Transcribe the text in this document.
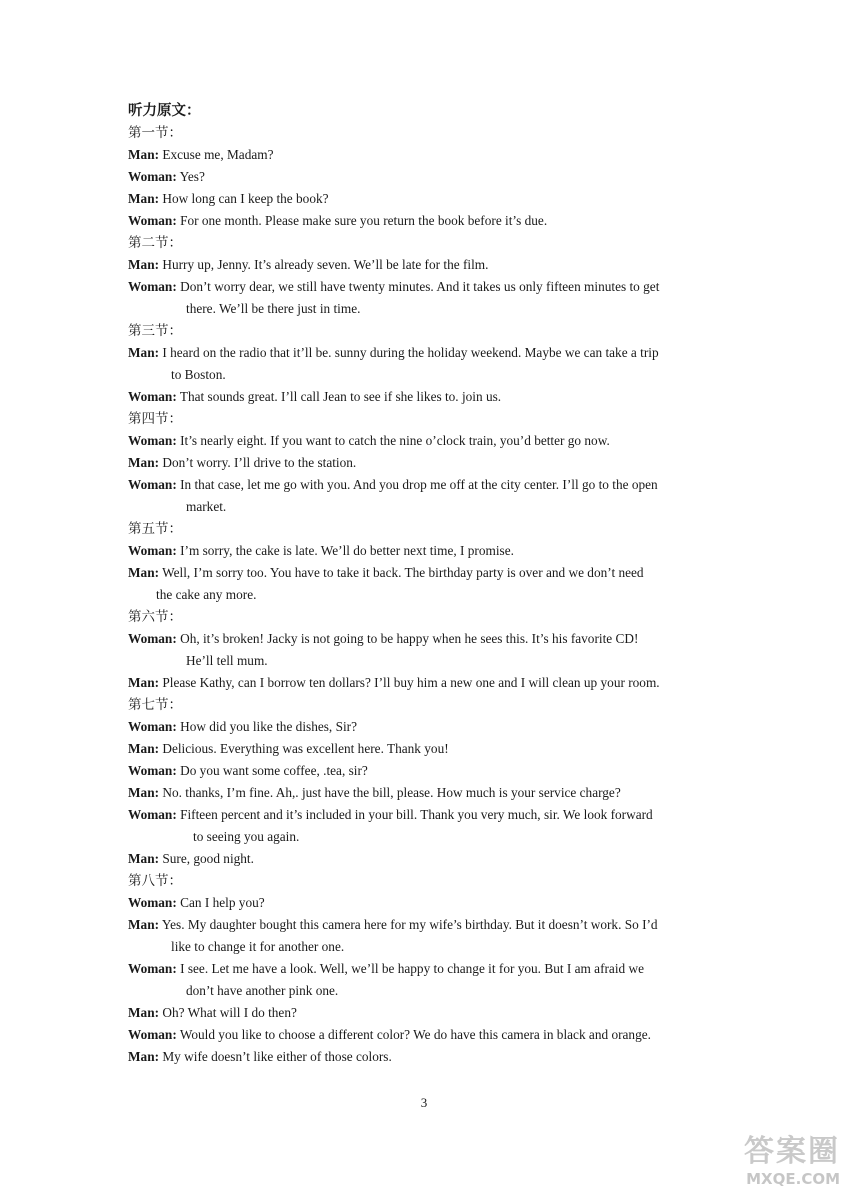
听力原文：
第一节：
Man: Excuse me, Madam?
Woman: Yes?
Man: How long can I keep the book?
Woman: For one month. Please make sure you return the book before it’s due.
第二节：
Man: Hurry up, Jenny. It’s already seven. We’ll be late for the film.
Woman: Don’t worry dear, we still have twenty minutes. And it takes us only fifteen minutes to get
there. We’ll be there just in time.
第三节：
Man: I heard on the radio that it’ll be. sunny during the holiday weekend. Maybe we can take a trip
to Boston.
Woman: That sounds great. I’ll call Jean to see if she likes to. join us.
第四节：
Woman: It’s nearly eight. If you want to catch the nine o’clock train, you’d better go now.
Man: Don’t worry. I’ll drive to the station.
Woman: In that case, let me go with you. And you drop me off at the city center. I’ll go to the open
market.
第五节：
Woman: I’m sorry, the cake is late. We’ll do better next time, I promise.
Man: Well, I’m sorry too. You have to take it back. The birthday party is over and we don’t need
the cake any more.
第六节：
Woman: Oh, it’s broken! Jacky is not going to be happy when he sees this. It’s his favorite CD!
He’ll tell mum.
Man: Please Kathy, can I borrow ten dollars? I’ll buy him a new one and I will clean up your room.
第七节：
Woman: How did you like the dishes, Sir?
Man: Delicious. Everything was excellent here. Thank you!
Woman: Do you want some coffee, .tea, sir?
Man: No. thanks, I’m fine. Ah,. just have the bill, please. How much is your service charge?
Woman: Fifteen percent and it’s included in your bill. Thank you very much, sir. We look forward
to seeing you again.
Man: Sure, good night.
第八节：
Woman: Can I help you?
Man: Yes. My daughter bought this camera here for my wife’s birthday. But it doesn’t work. So I’d
like to change it for another one.
Woman: I see. Let me have a look. Well, we’ll be happy to change it for you. But I am afraid we
don’t have another pink one.
Man: Oh? What will I do then?
Woman: Would you like to choose a different color? We do have this camera in black and orange.
Man: My wife doesn’t like either of those colors.
3
答案圈
MXQE.COM
